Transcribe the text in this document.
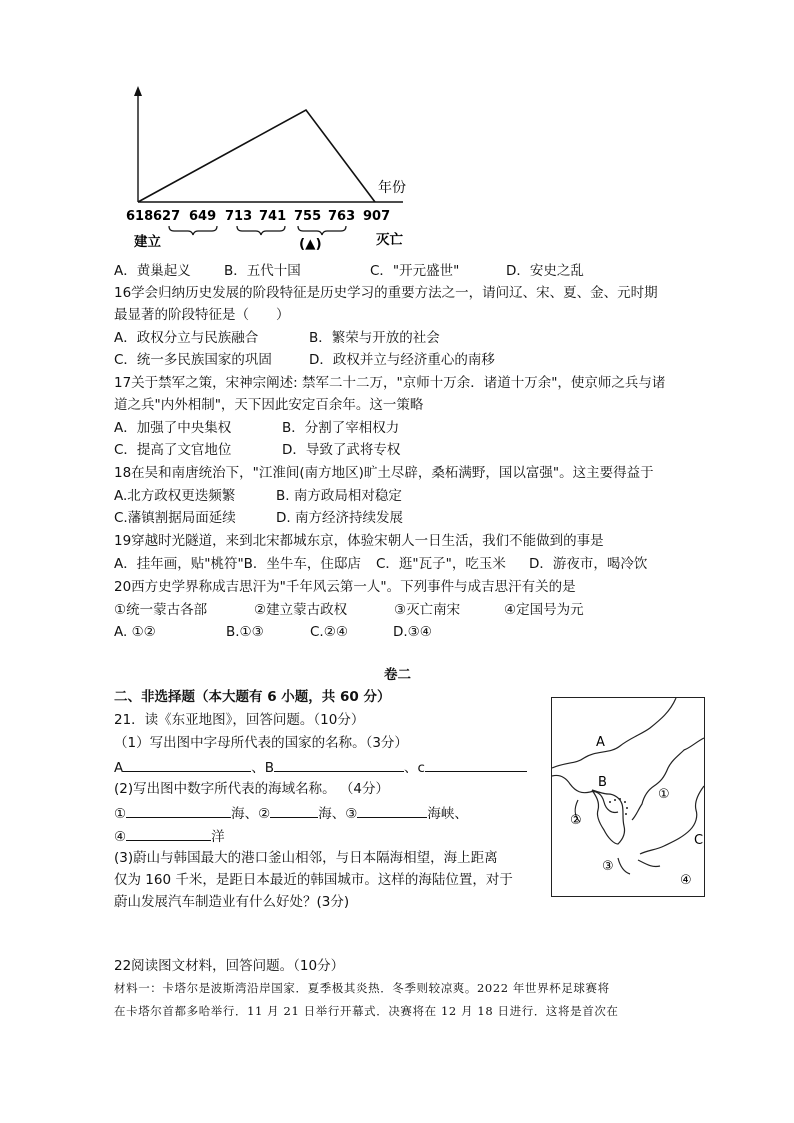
年份
618 627 649 713 741 755 763 907
建立	(▲)	灭亡
A．黄巢起义 B．五代十国	C．"开元盛世"	D．安史之乱
16学会归纳历史发展的阶段特征是历史学习的重要方法之一，请问辽、宋、夏、金、元时期
最显著的阶段特征是（　　）
A．政权分立与民族融合	B．繁荣与开放的社会
C．统一多民族国家的巩固	D．政权并立与经济重心的南移
17关于禁军之策，宋神宗阐述: 禁军二十二万，"京师十万余．诸道十万余"，使京师之兵与诸
道之兵"内外相制"，天下因此安定百余年。这一策略
A．加强了中央集权	B．分割了宰相权力
C．提高了文官地位	D．导致了武将专权
18在吴和南唐统治下，"江淮间(南方地区)旷土尽辟，桑柘满野，国以富强"。这主要得益于
A.北方政权更迭频繁	B. 南方政局相对稳定
C.藩镇割据局面延续	D. 南方经济持续发展
19穿越时光隧道，来到北宋都城东京，体验宋朝人一日生活，我们不能做到的事是
A．挂年画，贴"桃符"B．坐牛车，住邸店 C．逛"瓦子"，吃玉米 D．游夜市，喝冷饮
20西方史学界称成吉思汗为"千年风云第一人"。下列事件与成吉思汗有关的是
①统一蒙古各部	②建立蒙古政权	③灭亡南宋	④定国号为元
A. ①②	B.①③	C.②④	D.③④
卷二
二、非选择题（本大题有 6 小题，共 60 分）
21．读《东亚地图》，回答问题。（10分）
（1）写出图中字母所代表的国家的名称。（3分）
A	、B	、c
(2)写出图中数字所代表的海域名称。 （4分）
①	海、②	海、③	海峡、
④	洋
(3)蔚山与韩国最大的港口釜山相邻，与日本隔海相望，海上距离
仅为 160 千米，是距日本最近的韩国城市。这样的海陆位置，对于
蔚山发展汽车制造业有什么好处？(3分)
A
B
C
①
②
③
④
22阅读图文材料，回答问题。（10分）
材料一：卡塔尔是波斯湾沿岸国家．夏季极其炎热．冬季则较凉爽。2022 年世界杯足球赛将
在卡塔尔首都多哈举行．11 月 21 日举行开幕式．决赛将在 12 月 18 日进行．这将是首次在
